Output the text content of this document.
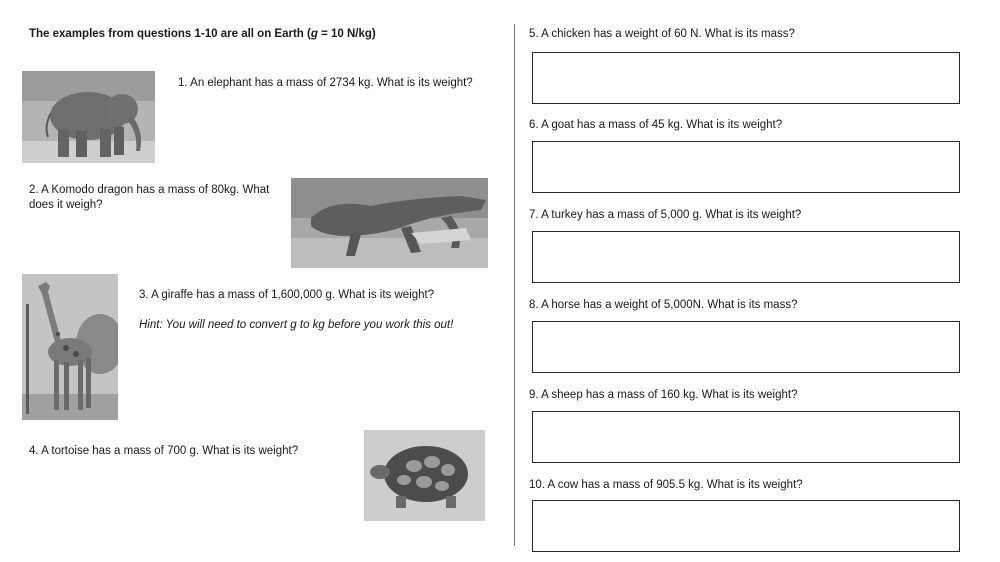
The examples from questions 1-10 are all on Earth (g = 10 N/kg)
1. An elephant has a mass of 2734 kg. What is its weight?
2. A Komodo dragon has a mass of 80kg. What does it weigh?
3. A giraffe has a mass of 1,600,000 g. What is its weight?
Hint: You will need to convert g to kg before you work this out!
4. A tortoise has a mass of 700 g. What is its weight?
5. A chicken has a weight of 60 N. What is its mass?
6. A goat has a mass of 45 kg. What is its weight?
7. A turkey has a mass of 5,000 g. What is its weight?
8. A horse has a weight of 5,000N. What is its mass?
9. A sheep has a mass of 160 kg. What is its weight?
10. A cow has a mass of 905.5 kg. What is its weight?
